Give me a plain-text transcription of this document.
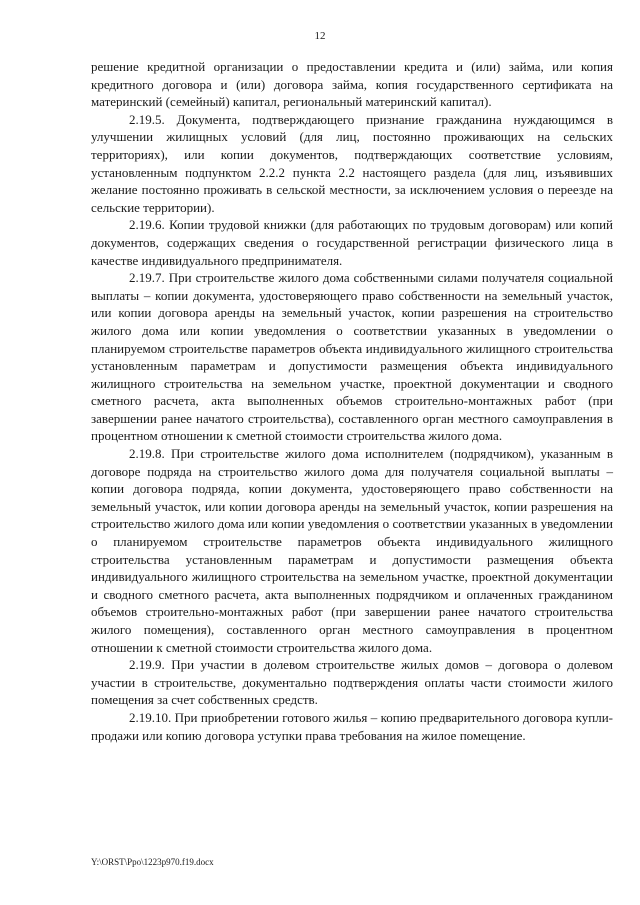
12

решение кредитной организации о предоставлении кредита и (или) займа, или копия кредитного договора и (или) договора займа, копия государственного сертификата на материнский (семейный) капитал, региональный материнский капитал).

2.19.5. Документа, подтверждающего признание гражданина нуждающимся в улучшении жилищных условий (для лиц, постоянно проживающих на сельских территориях), или копии документов, подтверждающих соответствие условиям, установленным подпунктом 2.2.2 пункта 2.2 настоящего раздела (для лиц, изъявивших желание постоянно проживать в сельской местности, за исключением условия о переезде на сельские территории).

2.19.6. Копии трудовой книжки (для работающих по трудовым договорам) или копий документов, содержащих сведения о государственной регистрации физического лица в качестве индивидуального предпринимателя.

2.19.7. При строительстве жилого дома собственными силами получателя социальной выплаты – копии документа, удостоверяющего право собственности на земельный участок, или копии договора аренды на земельный участок, копии разрешения на строительство жилого дома или копии уведомления о соответствии указанных в уведомлении о планируемом строительстве параметров объекта индивидуального жилищного строительства установленным параметрам и допустимости размещения объекта индивидуального жилищного строительства на земельном участке, проектной документации и сводного сметного расчета, акта выполненных объемов строительно-монтажных работ (при завершении ранее начатого строительства), составленного орган местного самоуправления в процентном отношении к сметной стоимости строительства жилого дома.

2.19.8. При строительстве жилого дома исполнителем (подрядчиком), указанным в договоре подряда на строительство жилого дома для получателя социальной выплаты – копии договора подряда, копии документа, удостоверяющего право собственности на земельный участок, или копии договора аренды на земельный участок, копии разрешения на строительство жилого дома или копии уведомления о соответствии указанных в уведомлении о планируемом строительстве параметров объекта индивидуального жилищного строительства установленным параметрам и допустимости размещения объекта индивидуального жилищного строительства на земельном участке, проектной документации и сводного сметного расчета, акта выполненных подрядчиком и оплаченных гражданином объемов строительно-монтажных работ (при завершении ранее начатого строительства жилого помещения), составленного орган местного самоуправления в процентном отношении к сметной стоимости строительства жилого дома.

2.19.9. При участии в долевом строительстве жилых домов – договора о долевом участии в строительстве, документально подтверждения оплаты части стоимости жилого помещения за счет собственных средств.

2.19.10. При приобретении готового жилья – копию предварительного договора купли-продажи или копию договора уступки права требования на жилое помещение.

Y:\ORST\Ppo\1223p970.f19.docx
